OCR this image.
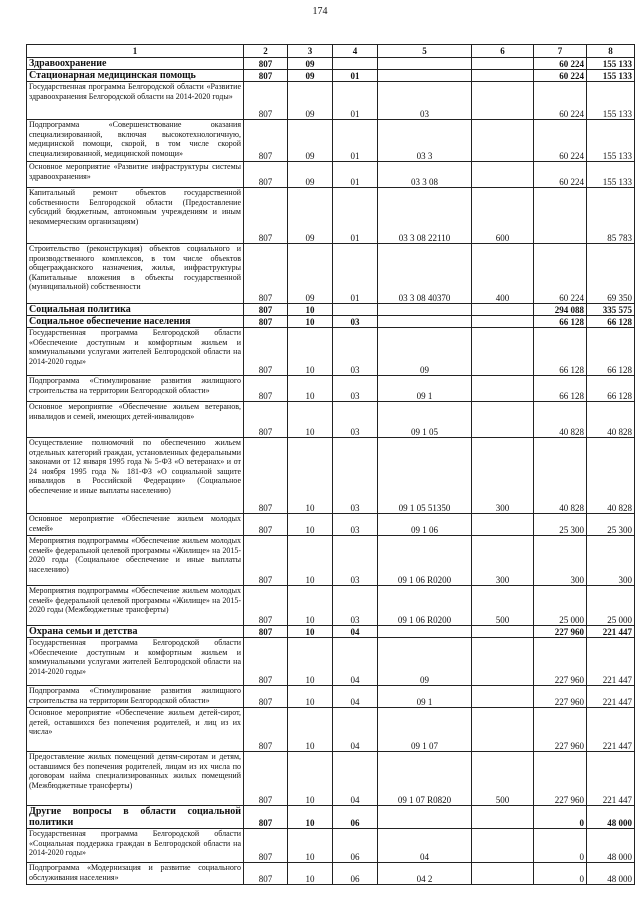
174
1	2	3	4	5	6	7	8
Здравоохранение	807	09				60 224	155 133
Стационарная медицинская помощь	807	09	01			60 224	155 133
Государственная программа Белгородской области «Развитие здравоохранения Белгородской области на 2014-2020 годы»	807	09	01	03		60 224	155 133
Подпрограмма «Совершенствование оказания специализированной, включая высокотехнологичную, медицинской помощи, скорой, в том числе скорой специализированной, медицинской помощи»	807	09	01	03 3		60 224	155 133
Основное мероприятие «Развитие инфраструктуры системы здравоохранения»	807	09	01	03 3 08		60 224	155 133
Капитальный ремонт объектов государственной собственности Белгородской области (Предоставление субсидий бюджетным, автономным учреждениям и иным некоммерческим организациям)	807	09	01	03 3 08 22110	600		85 783
Строительство (реконструкция) объектов социального и производственного комплексов, в том числе объектов общегражданского назначения, жилья, инфраструктуры (Капитальные вложения в объекты государственной (муниципальной) собственности	807	09	01	03 3 08 40370	400	60 224	69 350
Социальная политика	807	10				294 088	335 575
Социальное обеспечение населения	807	10	03			66 128	66 128
Государственная программа Белгородской области «Обеспечение доступным и комфортным жильем и коммунальными услугами жителей Белгородской области на 2014-2020 годы»	807	10	03	09		66 128	66 128
Подпрограмма «Стимулирование развития жилищного строительства на территории Белгородской области»	807	10	03	09 1		66 128	66 128
Основное мероприятие «Обеспечение жильем ветеранов, инвалидов и семей, имеющих детей-инвалидов»	807	10	03	09 1 05		40 828	40 828
Осуществление полномочий по обеспечению жильем отдельных категорий граждан, установленных федеральными законами от 12 января 1995 года № 5-ФЗ «О ветеранах» и от 24 ноября 1995 года № 181-ФЗ «О социальной защите инвалидов в Российской Федерации» (Социальное обеспечение и иные выплаты населению)	807	10	03	09 1 05 51350	300	40 828	40 828
Основное мероприятие «Обеспечение жильем молодых семей»	807	10	03	09 1 06		25 300	25 300
Мероприятия подпрограммы «Обеспечение жильем молодых семей» федеральной целевой программы «Жилище» на 2015-2020 годы (Социальное обеспечение и иные выплаты населению)	807	10	03	09 1 06 R0200	300	300	300
Мероприятия подпрограммы «Обеспечение жильем молодых семей» федеральной целевой программы «Жилище» на 2015-2020 годы (Межбюджетные трансферты)	807	10	03	09 1 06 R0200	500	25 000	25 000
Охрана семьи и детства	807	10	04			227 960	221 447
Государственная программа Белгородской области «Обеспечение доступным и комфортным жильем и коммунальными услугами жителей Белгородской области на 2014-2020 годы»	807	10	04	09		227 960	221 447
Подпрограмма «Стимулирование развития жилищного строительства на территории Белгородской области»	807	10	04	09 1		227 960	221 447
Основное мероприятие «Обеспечение жильем детей-сирот, детей, оставшихся без попечения родителей, и лиц из их числа»	807	10	04	09 1 07		227 960	221 447
Предоставление жилых помещений детям-сиротам и детям, оставшимся без попечения родителей, лицам из их числа по договорам найма специализированных жилых помещений (Межбюджетные трансферты)	807	10	04	09 1 07 R0820	500	227 960	221 447
Другие вопросы в области социальной политики	807	10	06			0	48 000
Государственная программа Белгородской области «Социальная поддержка граждан в Белгородской области на 2014-2020 годы»	807	10	06	04		0	48 000
Подпрограмма «Модернизация и развитие социального обслуживания населения»	807	10	06	04 2		0	48 000
